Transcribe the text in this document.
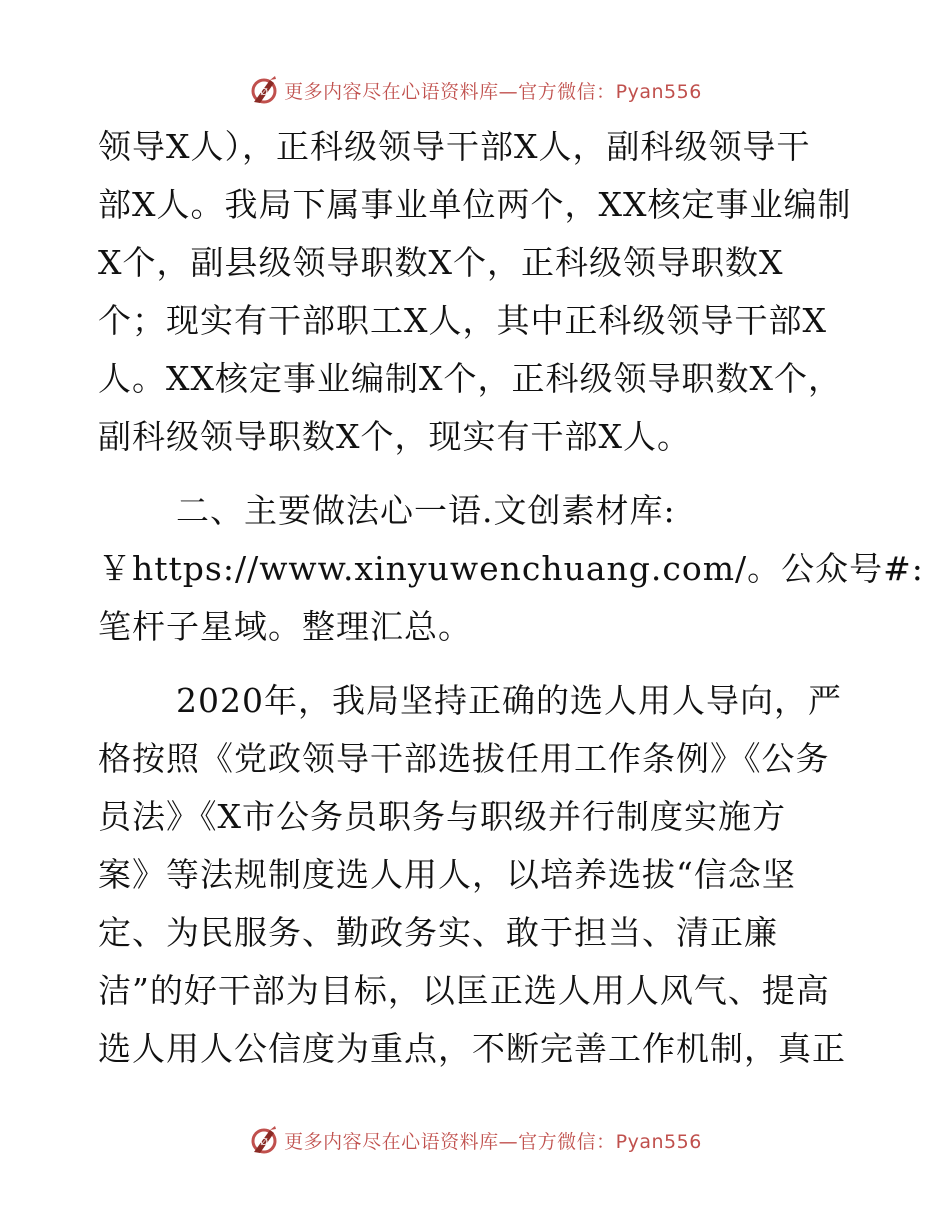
Ø 更多内容尽在心语资料库—官方微信：Pyan556
领导X人），正科级领导干部X人，副科级领导干
部X人。我局下属事业单位两个，XX核定事业编制
X个，副县级领导职数X个，正科级领导职数X
个；现实有干部职工X人，其中正科级领导干部X
人。XX核定事业编制X个，正科级领导职数X个，
副科级领导职数X个，现实有干部X人。
二、主要做法心一语.文创素材库:
￥https://www.xinyuwenchuang.com/。公众号#:
笔杆子星域。整理汇总。
2020年，我局坚持正确的选人用人导向，严
格按照《党政领导干部选拔任用工作条例》《公务
员法》《X市公务员职务与职级并行制度实施方
案》等法规制度选人用人，以培养选拔“信念坚
定、为民服务、勤政务实、敢于担当、清正廉
洁”的好干部为目标，以匡正选人用人风气、提高
选人用人公信度为重点，不断完善工作机制，真正
Ø 更多内容尽在心语资料库—官方微信：Pyan556
